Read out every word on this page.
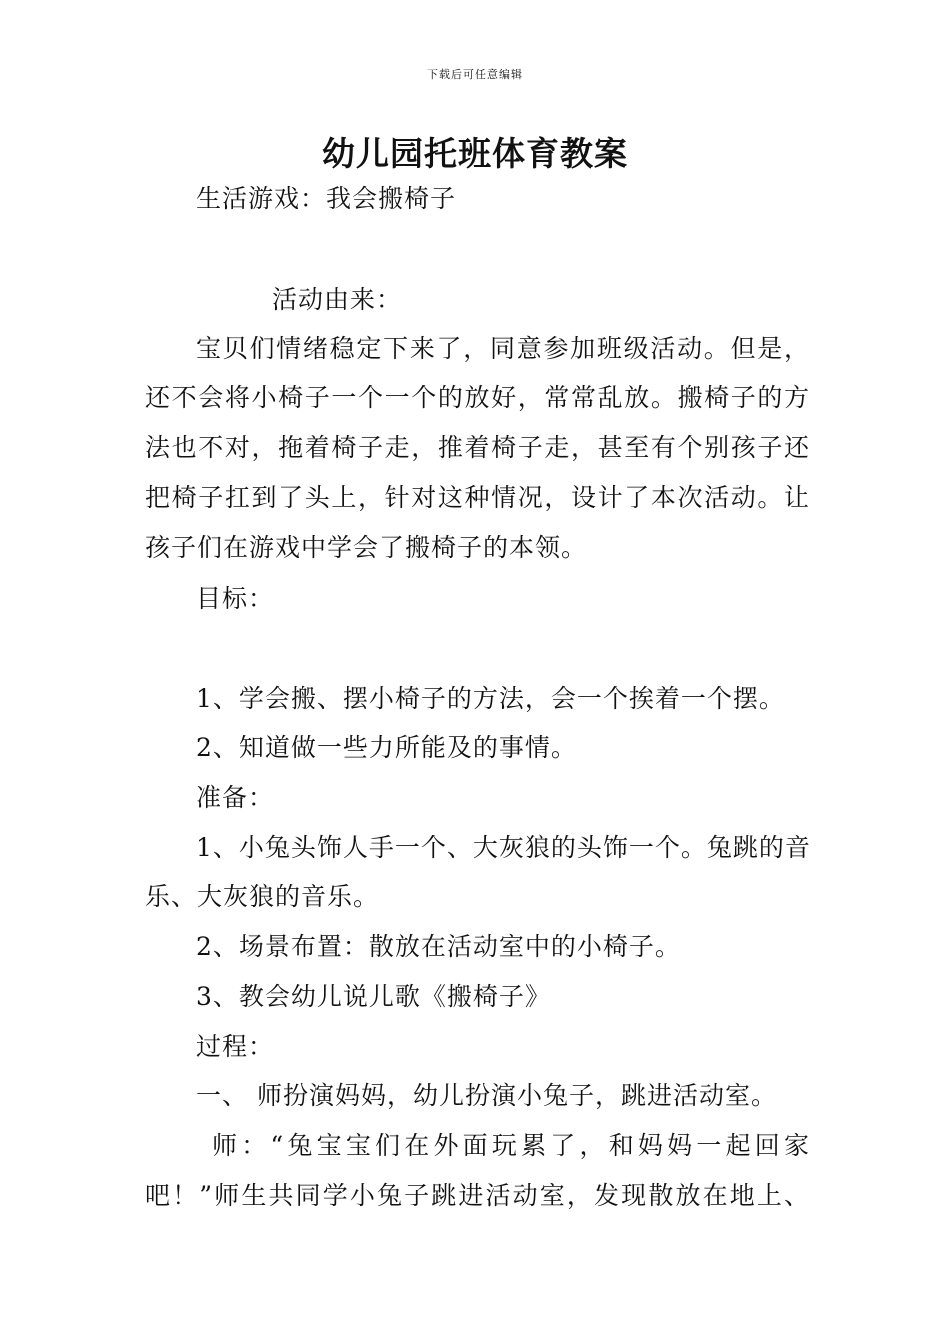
下载后可任意编辑
幼儿园托班体育教案
生活游戏：我会搬椅子
活动由来：
宝贝们情绪稳定下来了，同意参加班级活动。但是，
还不会将小椅子一个一个的放好，常常乱放。搬椅子的方
法也不对，拖着椅子走，推着椅子走，甚至有个别孩子还
把椅子扛到了头上，针对这种情况，设计了本次活动。让
孩子们在游戏中学会了搬椅子的本领。
目标：
1、学会搬、摆小椅子的方法，会一个挨着一个摆。
2、知道做一些力所能及的事情。
准备：
1、小兔头饰人手一个、大灰狼的头饰一个。兔跳的音
乐、大灰狼的音乐。
2、场景布置：散放在活动室中的小椅子。
3、教会幼儿说儿歌《搬椅子》
过程：
一、 师扮演妈妈，幼儿扮演小兔子，跳进活动室。
师：“兔宝宝们在外面玩累了，和妈妈一起回家
吧！”师生共同学小兔子跳进活动室，发现散放在地上、
